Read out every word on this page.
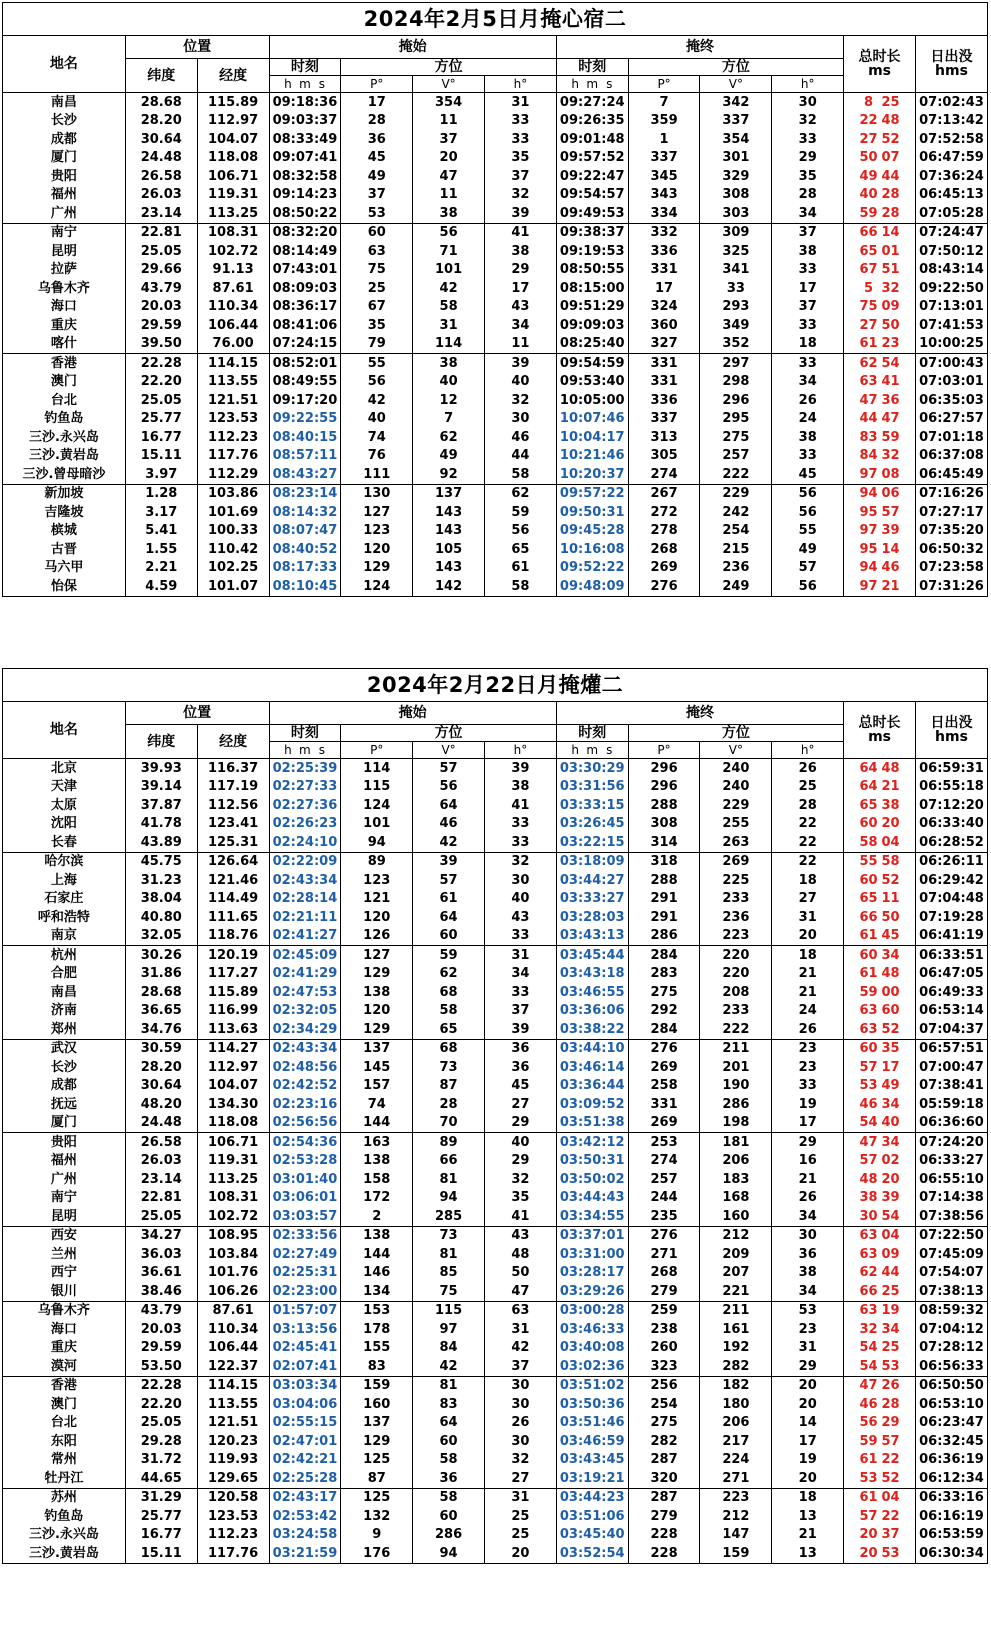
2024年2月5日月掩心宿二												
地名	位置		掩始				掩终				总时长
ms	日出没
hms
	纬度	经度	时刻	方位			时刻	方位				
			h m s	P°	V°	h°	h m s	P°	V°	h°		
南昌	28.68	115.89	09:18:36	17	354	31	09:27:24	7	342	30	8 25	07:02:43
长沙	28.20	112.97	09:03:37	28	11	33	09:26:35	359	337	32	22 48	07:13:42
成都	30.64	104.07	08:33:49	36	37	33	09:01:48	1	354	33	27 52	07:52:58
厦门	24.48	118.08	09:07:41	45	20	35	09:57:52	337	301	29	50 07	06:47:59
贵阳	26.58	106.71	08:32:58	49	47	37	09:22:47	345	329	35	49 44	07:36:24
福州	26.03	119.31	09:14:23	37	11	32	09:54:57	343	308	28	40 28	06:45:13
广州	23.14	113.25	08:50:22	53	38	39	09:49:53	334	303	34	59 28	07:05:28
南宁	22.81	108.31	08:32:20	60	56	41	09:38:37	332	309	37	66 14	07:24:47
昆明	25.05	102.72	08:14:49	63	71	38	09:19:53	336	325	38	65 01	07:50:12
拉萨	29.66	91.13	07:43:01	75	101	29	08:50:55	331	341	33	67 51	08:43:14
乌鲁木齐	43.79	87.61	08:09:03	25	42	17	08:15:00	17	33	17	5 32	09:22:50
海口	20.03	110.34	08:36:17	67	58	43	09:51:29	324	293	37	75 09	07:13:01
重庆	29.59	106.44	08:41:06	35	31	34	09:09:03	360	349	33	27 50	07:41:53
喀什	39.50	76.00	07:24:15	79	114	11	08:25:40	327	352	18	61 23	10:00:25
香港	22.28	114.15	08:52:01	55	38	39	09:54:59	331	297	33	62 54	07:00:43
澳门	22.20	113.55	08:49:55	56	40	40	09:53:40	331	298	34	63 41	07:03:01
台北	25.05	121.51	09:17:20	42	12	32	10:05:00	336	296	26	47 36	06:35:03
钓鱼岛	25.77	123.53	09:22:55	40	7	30	10:07:46	337	295	24	44 47	06:27:57
三沙.永兴岛	16.77	112.23	08:40:15	74	62	46	10:04:17	313	275	38	83 59	07:01:18
三沙.黄岩岛	15.11	117.76	08:57:11	76	49	44	10:21:46	305	257	33	84 32	06:37:08
三沙.曾母暗沙	3.97	112.29	08:43:27	111	92	58	10:20:37	274	222	45	97 08	06:45:49
新加坡	1.28	103.86	08:23:14	130	137	62	09:57:22	267	229	56	94 06	07:16:26
吉隆坡	3.17	101.69	08:14:32	127	143	59	09:50:31	272	242	56	95 57	07:27:17
槟城	5.41	100.33	08:07:47	123	143	56	09:45:28	278	254	55	97 39	07:35:20
古晋	1.55	110.42	08:40:52	120	105	65	10:16:08	268	215	49	95 14	06:50:32
马六甲	2.21	102.25	08:17:33	129	143	61	09:52:22	269	236	57	94 46	07:23:58
怡保	4.59	101.07	08:10:45	124	142	58	09:48:09	276	249	56	97 21	07:31:26
2024年2月22日月掩爟二												
地名	位置		掩始				掩终				总时长
ms	日出没
hms
	纬度	经度	时刻	方位			时刻	方位				
			h m s	P°	V°	h°	h m s	P°	V°	h°		
北京	39.93	116.37	02:25:39	114	57	39	03:30:29	296	240	26	64 48	06:59:31
天津	39.14	117.19	02:27:33	115	56	38	03:31:56	296	240	25	64 21	06:55:18
太原	37.87	112.56	02:27:36	124	64	41	03:33:15	288	229	28	65 38	07:12:20
沈阳	41.78	123.41	02:26:23	101	46	33	03:26:45	308	255	22	60 20	06:33:40
长春	43.89	125.31	02:24:10	94	42	33	03:22:15	314	263	22	58 04	06:28:52
哈尔滨	45.75	126.64	02:22:09	89	39	32	03:18:09	318	269	22	55 58	06:26:11
上海	31.23	121.46	02:43:34	123	57	30	03:44:27	288	225	18	60 52	06:29:42
石家庄	38.04	114.49	02:28:14	121	61	40	03:33:27	291	233	27	65 11	07:04:48
呼和浩特	40.80	111.65	02:21:11	120	64	43	03:28:03	291	236	31	66 50	07:19:28
南京	32.05	118.76	02:41:27	126	60	33	03:43:13	286	223	20	61 45	06:41:19
杭州	30.26	120.19	02:45:09	127	59	31	03:45:44	284	220	18	60 34	06:33:51
合肥	31.86	117.27	02:41:29	129	62	34	03:43:18	283	220	21	61 48	06:47:05
南昌	28.68	115.89	02:47:53	138	68	33	03:46:55	275	208	21	59 00	06:49:33
济南	36.65	116.99	02:32:05	120	58	37	03:36:06	292	233	24	63 60	06:53:14
郑州	34.76	113.63	02:34:29	129	65	39	03:38:22	284	222	26	63 52	07:04:37
武汉	30.59	114.27	02:43:34	137	68	36	03:44:10	276	211	23	60 35	06:57:51
长沙	28.20	112.97	02:48:56	145	73	36	03:46:14	269	201	23	57 17	07:00:47
成都	30.64	104.07	02:42:52	157	87	45	03:36:44	258	190	33	53 49	07:38:41
抚远	48.20	134.30	02:23:16	74	28	27	03:09:52	331	286	19	46 34	05:59:18
厦门	24.48	118.08	02:56:56	144	70	29	03:51:38	269	198	17	54 40	06:36:60
贵阳	26.58	106.71	02:54:36	163	89	40	03:42:12	253	181	29	47 34	07:24:20
福州	26.03	119.31	02:53:28	138	66	29	03:50:31	274	206	16	57 02	06:33:27
广州	23.14	113.25	03:01:40	158	81	32	03:50:02	257	183	21	48 20	06:55:10
南宁	22.81	108.31	03:06:01	172	94	35	03:44:43	244	168	26	38 39	07:14:38
昆明	25.05	102.72	03:03:57	2	285	41	03:34:55	235	160	34	30 54	07:38:56
西安	34.27	108.95	02:33:56	138	73	43	03:37:01	276	212	30	63 04	07:22:50
兰州	36.03	103.84	02:27:49	144	81	48	03:31:00	271	209	36	63 09	07:45:09
西宁	36.61	101.76	02:25:31	146	85	50	03:28:17	268	207	38	62 44	07:54:07
银川	38.46	106.26	02:23:00	134	75	47	03:29:26	279	221	34	66 25	07:38:13
乌鲁木齐	43.79	87.61	01:57:07	153	115	63	03:00:28	259	211	53	63 19	08:59:32
海口	20.03	110.34	03:13:56	178	97	31	03:46:33	238	161	23	32 34	07:04:12
重庆	29.59	106.44	02:45:41	155	84	42	03:40:08	260	192	31	54 25	07:28:12
漠河	53.50	122.37	02:07:41	83	42	37	03:02:36	323	282	29	54 53	06:56:33
香港	22.28	114.15	03:03:34	159	81	30	03:51:02	256	182	20	47 26	06:50:50
澳门	22.20	113.55	03:04:06	160	83	30	03:50:36	254	180	20	46 28	06:53:10
台北	25.05	121.51	02:55:15	137	64	26	03:51:46	275	206	14	56 29	06:23:47
东阳	29.28	120.23	02:47:01	129	60	30	03:46:59	282	217	17	59 57	06:32:45
常州	31.72	119.93	02:42:21	125	58	32	03:43:45	287	224	19	61 22	06:36:19
牡丹江	44.65	129.65	02:25:28	87	36	27	03:19:21	320	271	20	53 52	06:12:34
苏州	31.29	120.58	02:43:17	125	58	31	03:44:23	287	223	18	61 04	06:33:16
钓鱼岛	25.77	123.53	02:53:42	132	60	25	03:51:06	279	212	13	57 22	06:16:19
三沙.永兴岛	16.77	112.23	03:24:58	9	286	25	03:45:40	228	147	21	20 37	06:53:59
三沙.黄岩岛	15.11	117.76	03:21:59	176	94	20	03:52:54	228	159	13	20 53	06:30:34
